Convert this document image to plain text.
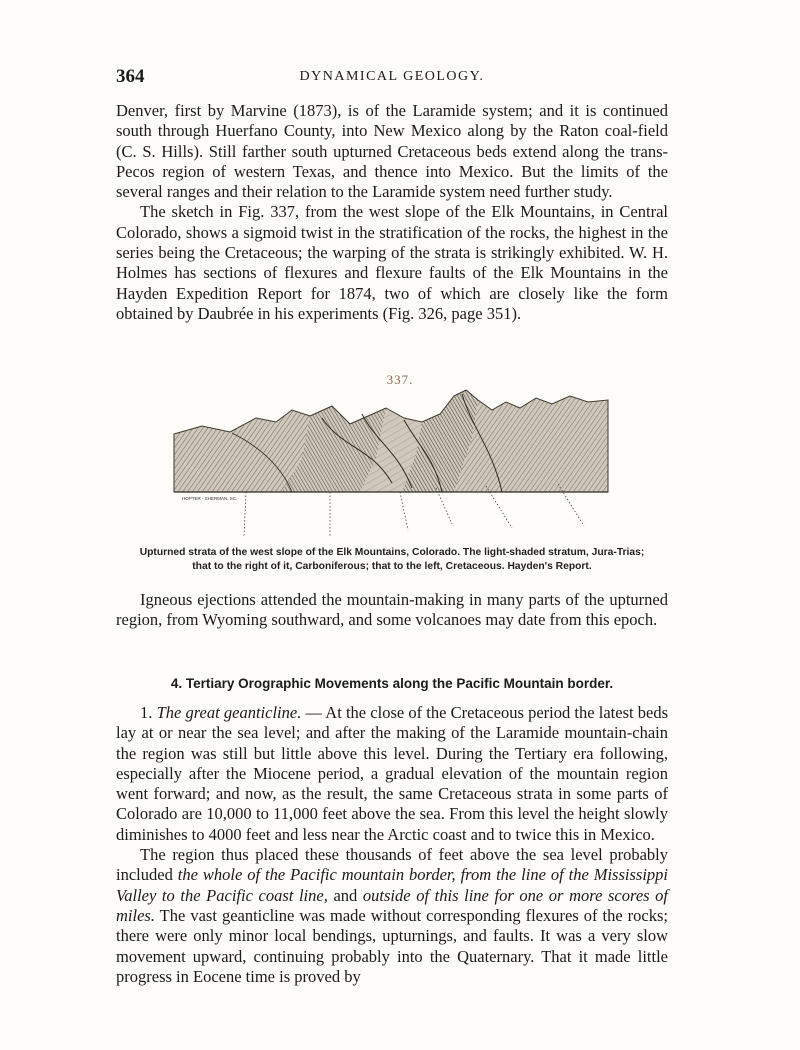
364	DYNAMICAL GEOLOGY.

Denver, first by Marvine (1873), is of the Laramide system; and it is continued south through Huerfano County, into New Mexico along by the Raton coal-field (C. S. Hills). Still farther south upturned Cretaceous beds extend along the trans-Pecos region of western Texas, and thence into Mexico. But the limits of the several ranges and their relation to the Laramide system need further study.

The sketch in Fig. 337, from the west slope of the Elk Mountains, in Central Colorado, shows a sigmoid twist in the stratification of the rocks, the highest in the series being the Cretaceous; the warping of the strata is strikingly exhibited. W. H. Holmes has sections of flexures and flexure faults of the Elk Mountains in the Hayden Expedition Report for 1874, two of which are closely like the form obtained by Daubrée in his experiments (Fig. 326, page 351).

337.
HOPTER - SHERMAN, SC.
Upturned strata of the west slope of the Elk Mountains, Colorado. The light-shaded stratum, Jura-Trias;
that to the right of it, Carboniferous; that to the left, Cretaceous. Hayden's Report.

Igneous ejections attended the mountain-making in many parts of the upturned region, from Wyoming southward, and some volcanoes may date from this epoch.

4. Tertiary Orographic Movements along the Pacific Mountain border.

1. The great geanticline. — At the close of the Cretaceous period the latest beds lay at or near the sea level; and after the making of the Laramide mountain-chain the region was still but little above this level. During the Tertiary era following, especially after the Miocene period, a gradual elevation of the mountain region went forward; and now, as the result, the same Cretaceous strata in some parts of Colorado are 10,000 to 11,000 feet above the sea. From this level the height slowly diminishes to 4000 feet and less near the Arctic coast and to twice this in Mexico.

The region thus placed these thousands of feet above the sea level probably included the whole of the Pacific mountain border, from the line of the Mississippi Valley to the Pacific coast line, and outside of this line for one or more scores of miles. The vast geanticline was made without corresponding flexures of the rocks; there were only minor local bendings, upturnings, and faults. It was a very slow movement upward, continuing probably into the Quaternary. That it made little progress in Eocene time is proved by
